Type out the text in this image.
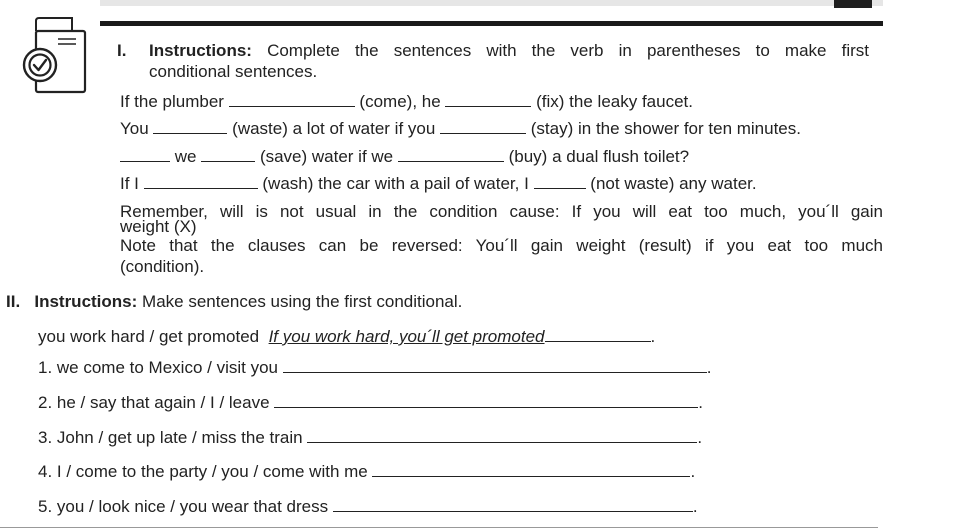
I. Instructions: Complete the sentences with the verb in parentheses to make first
conditional sentences.
If the plumber	(come), he	(fix) the leaky faucet.
You	(waste) a lot of water if you	(stay) in the shower for ten minutes.
we	(save) water if we	(buy) a dual flush toilet?
If I	(wash) the car with a pail of water, I	(not waste) any water.
Remember, will is not usual in the condition cause: If you will eat too much, you´ll gain
weight (X)
Note that the clauses can be reversed: You´ll gain weight (result) if you eat too much
(condition).
II. Instructions: Make sentences using the first conditional.
you work hard / get promoted If you work hard, you´ll get promoted	.
1. we come to Mexico / visit you	.
2. he / say that again / I / leave	.
3. John / get up late / miss the train	.
4. I / come to the party / you / come with me	.
5. you / look nice / you wear that dress	.
